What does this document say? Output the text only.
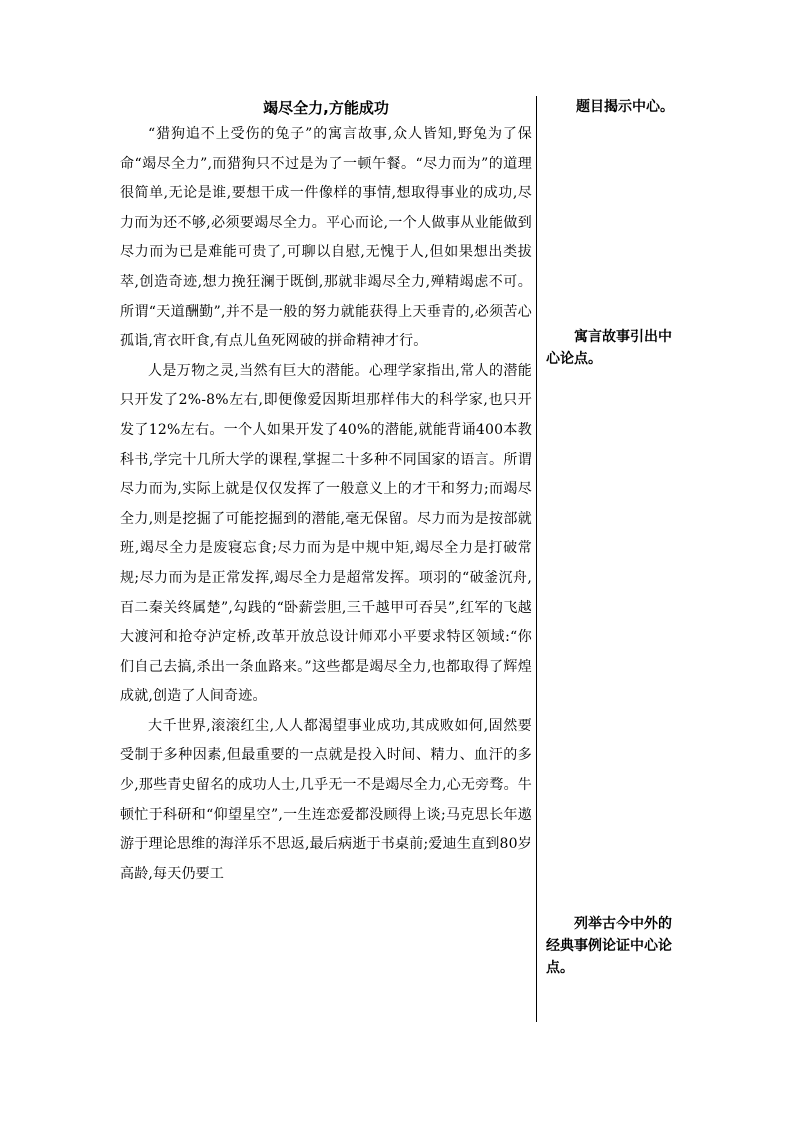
竭尽全力,方能成功

“猎狗追不上受伤的兔子”的寓言故事,众人皆知,野兔为了保命“竭尽全力”,而猎狗只不过是为了一顿午餐。“尽力而为”的道理很简单,无论是谁,要想干成一件像样的事情,想取得事业的成功,尽力而为还不够,必须要竭尽全力。平心而论,一个人做事从业能做到尽力而为已是难能可贵了,可聊以自慰,无愧于人,但如果想出类拔萃,创造奇迹,想力挽狂澜于既倒,那就非竭尽全力,殚精竭虑不可。所谓“天道酬勤”,并不是一般的努力就能获得上天垂青的,必须苦心孤诣,宵衣旰食,有点儿鱼死网破的拼命精神才行。

人是万物之灵,当然有巨大的潜能。心理学家指出,常人的潜能只开发了2%-8%左右,即便像爱因斯坦那样伟大的科学家,也只开发了12%左右。一个人如果开发了40%的潜能,就能背诵400本教科书,学完十几所大学的课程,掌握二十多种不同国家的语言。所谓尽力而为,实际上就是仅仅发挥了一般意义上的才干和努力;而竭尽全力,则是挖掘了可能挖掘到的潜能,毫无保留。尽力而为是按部就班,竭尽全力是废寝忘食;尽力而为是中规中矩,竭尽全力是打破常规;尽力而为是正常发挥,竭尽全力是超常发挥。项羽的“破釜沉舟,百二秦关终属楚”,勾践的“卧薪尝胆,三千越甲可吞吴”,红军的飞越大渡河和抢夺泸定桥,改革开放总设计师邓小平要求特区领域:“你们自己去搞,杀出一条血路来。”这些都是竭尽全力,也都取得了辉煌成就,创造了人间奇迹。

大千世界,滚滚红尘,人人都渴望事业成功,其成败如何,固然要受制于多种因素,但最重要的一点就是投入时间、精力、血汗的多少,那些青史留名的成功人士,几乎无一不是竭尽全力,心无旁骛。牛顿忙于科研和“仰望星空”,一生连恋爱都没顾得上谈;马克思长年遨游于理论思维的海洋乐不思返,最后病逝于书桌前;爱迪生直到80岁高龄,每天仍要工

题目揭示中心。
寓言故事引出中心论点。
列举古今中外的经典事例论证中心论点。
